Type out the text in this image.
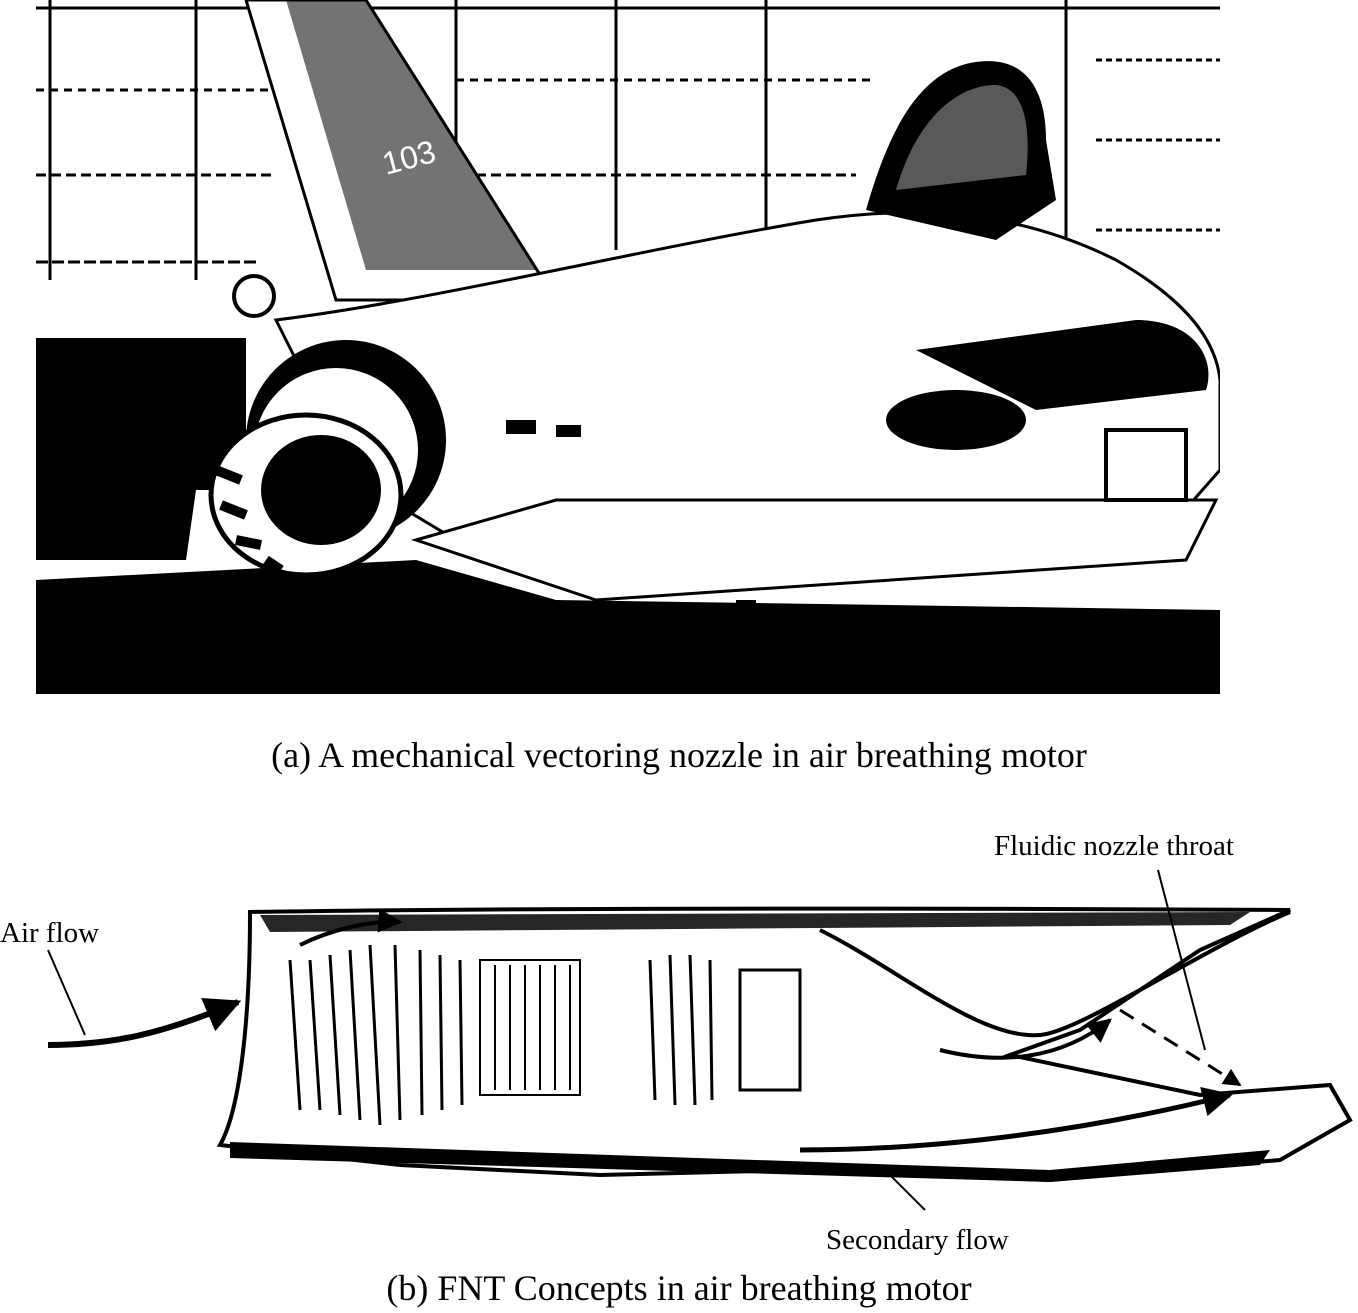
103
(a) A mechanical vectoring nozzle in air breathing motor
Air flow
Fluidic nozzle throat
Secondary flow
(b) FNT Concepts in air breathing motor
